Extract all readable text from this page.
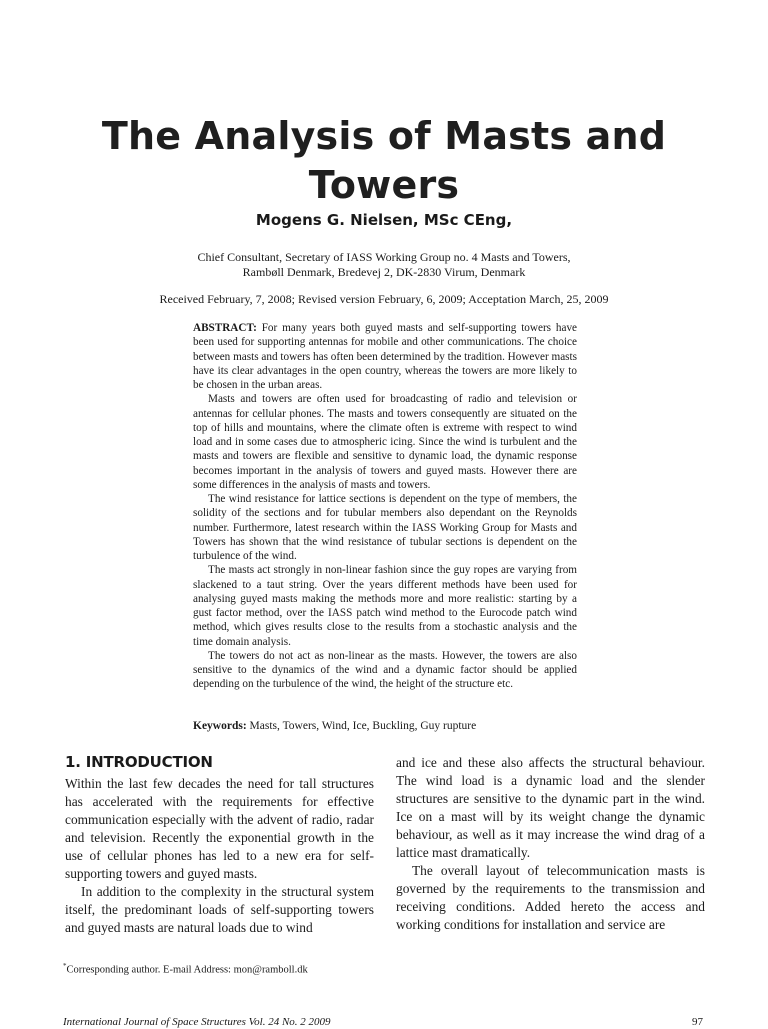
The Analysis of Masts and
Towers

Mogens G. Nielsen, MSc CEng,

Chief Consultant, Secretary of IASS Working Group no. 4 Masts and Towers,
Rambøll Denmark, Bredevej 2, DK-2830 Virum, Denmark

Received February, 7, 2008; Revised version February, 6, 2009; Acceptation March, 25, 2009

ABSTRACT: For many years both guyed masts and self-supporting towers have been used for supporting antennas for mobile and other communications. The choice between masts and towers has often been determined by the tradition. However masts have its clear advantages in the open country, whereas the towers are more likely to be chosen in the urban areas.

Masts and towers are often used for broadcasting of radio and television or antennas for cellular phones. The masts and towers consequently are situated on the top of hills and mountains, where the climate often is extreme with respect to wind load and in some cases due to atmospheric icing. Since the wind is turbulent and the masts and towers are flexible and sensitive to dynamic load, the dynamic response becomes important in the analysis of towers and guyed masts. However there are some differences in the analysis of masts and towers.

The wind resistance for lattice sections is dependent on the type of members, the solidity of the sections and for tubular members also dependant on the Reynolds number. Furthermore, latest research within the IASS Working Group for Masts and Towers has shown that the wind resistance of tubular sections is dependent on the turbulence of the wind.

The masts act strongly in non-linear fashion since the guy ropes are varying from slackened to a taut string. Over the years different methods have been used for analysing guyed masts making the methods more and more realistic: starting by a gust factor method, over the IASS patch wind method to the Eurocode patch wind method, which gives results close to the results from a stochastic analysis and the time domain analysis.

The towers do not act as non-linear as the masts. However, the towers are also sensitive to the dynamics of the wind and a dynamic factor should be applied depending on the turbulence of the wind, the height of the structure etc.

Keywords: Masts, Towers, Wind, Ice, Buckling, Guy rupture

1. INTRODUCTION

Within the last few decades the need for tall structures has accelerated with the requirements for effective communication especially with the advent of radio, radar and television. Recently the exponential growth in the use of cellular phones has led to a new era for self-supporting towers and guyed masts.

In addition to the complexity in the structural system itself, the predominant loads of self-supporting towers and guyed masts are natural loads due to wind

and ice and these also affects the structural behaviour. The wind load is a dynamic load and the slender structures are sensitive to the dynamic part in the wind. Ice on a mast will by its weight change the dynamic behaviour, as well as it may increase the wind drag of a lattice mast dramatically.

The overall layout of telecommunication masts is governed by the requirements to the transmission and receiving conditions. Added hereto the access and working conditions for installation and service are

*Corresponding author. E-mail Address: mon@ramboll.dk

International Journal of Space Structures Vol. 24 No. 2 2009	97
